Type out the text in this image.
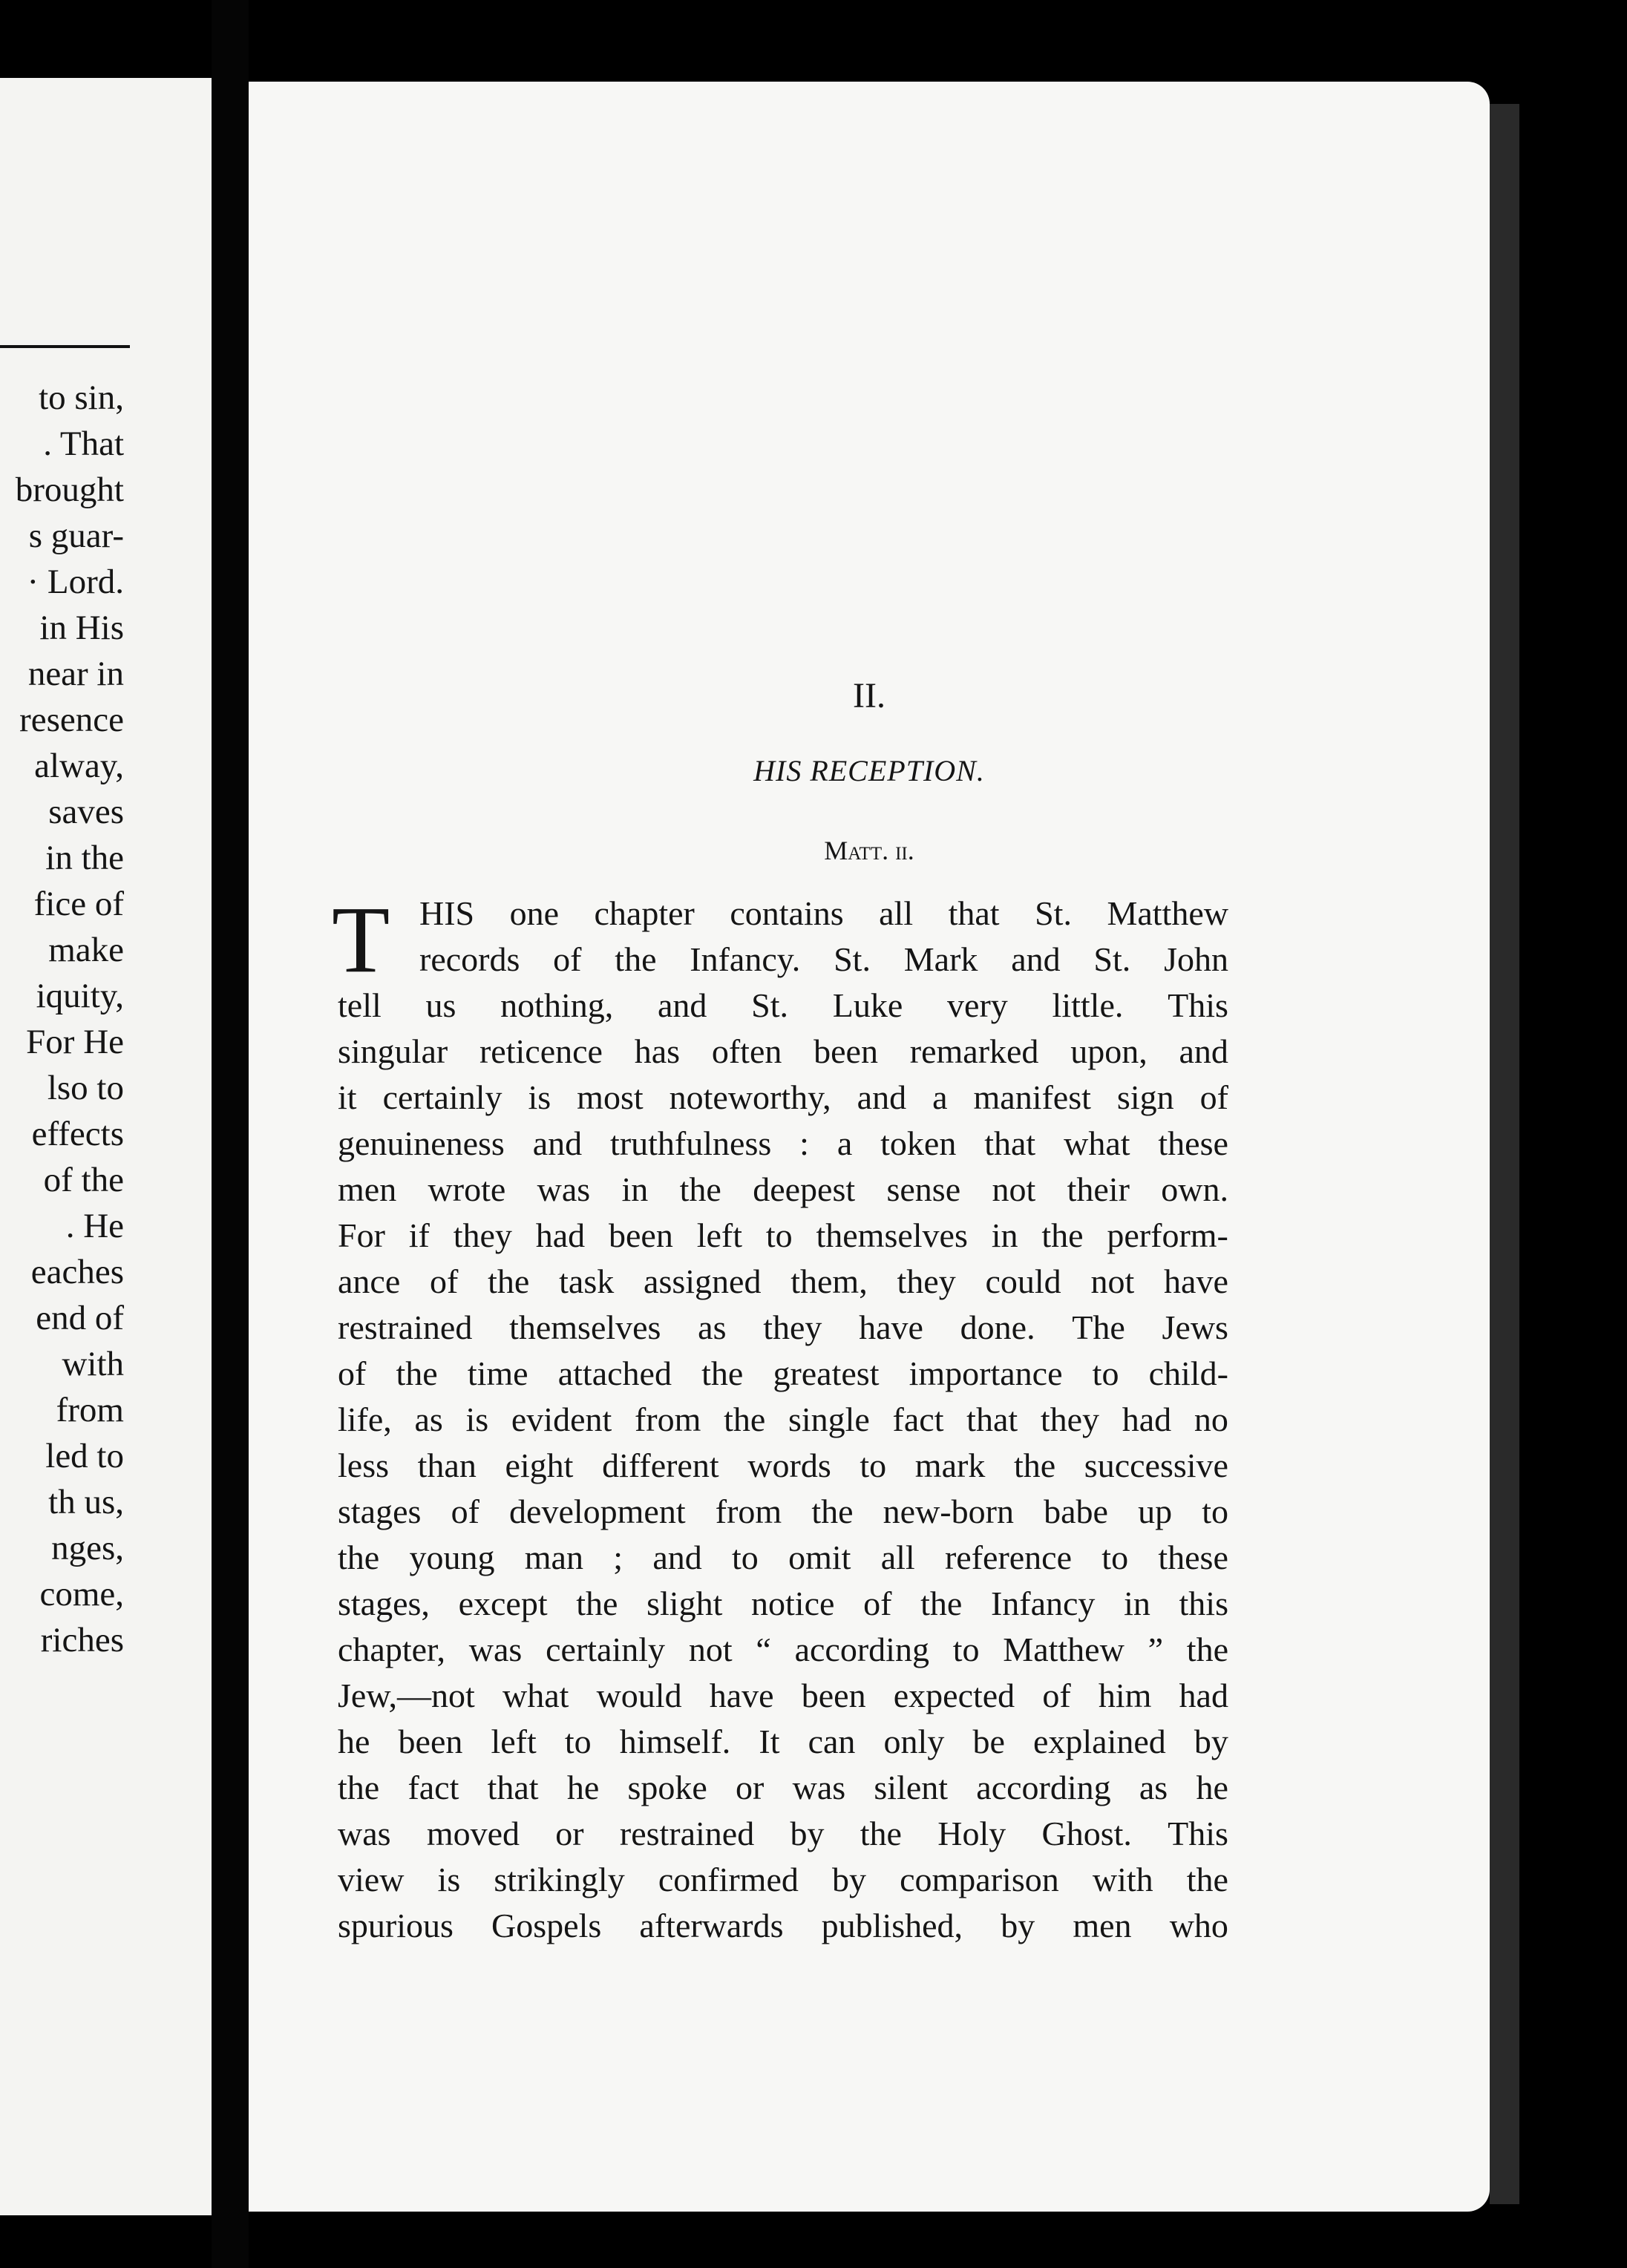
to sin,
. That
brought
s guar-
· Lord.
in His
near in
resence
alway,
saves
in the
fice of
make
iquity,
For He
lso to
effects
of the
. He
eaches
end of
with
from
led to
th us,
nges,
come,
riches
II.
HIS RECEPTION.
Matt. ii.
T HIS one chapter contains all that St. Matthew
records of the Infancy. St. Mark and St. John
tell us nothing, and St. Luke very little. This
singular reticence has often been remarked upon, and
it certainly is most noteworthy, and a manifest sign of
genuineness and truthfulness : a token that what these
men wrote was in the deepest sense not their own.
For if they had been left to themselves in the perform-
ance of the task assigned them, they could not have
restrained themselves as they have done. The Jews
of the time attached the greatest importance to child-
life, as is evident from the single fact that they had no
less than eight different words to mark the successive
stages of development from the new-born babe up to
the young man ; and to omit all reference to these
stages, except the slight notice of the Infancy in this
chapter, was certainly not “ according to Matthew ” the
Jew,—not what would have been expected of him had
he been left to himself. It can only be explained by
the fact that he spoke or was silent according as he
was moved or restrained by the Holy Ghost. This
view is strikingly confirmed by comparison with the
spurious Gospels afterwards published, by men who
